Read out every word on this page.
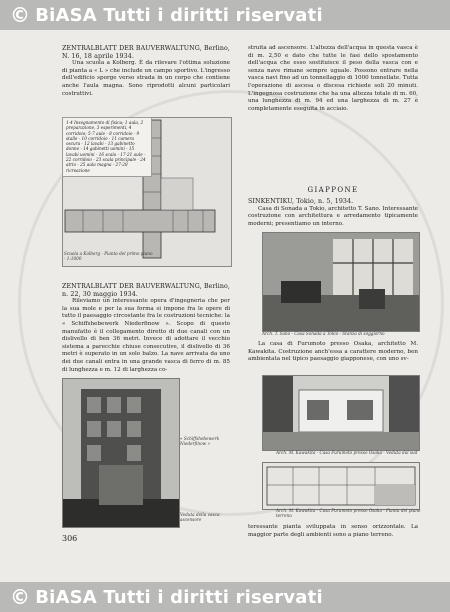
© BiASA Tutti i diritti riservati

ZENTRALBLATT DER BAUVERWALTUNG, Berlino, N. 16, 18 aprile 1934.

Una scuola a Kolberg. È da rilevare l'ottima soluzione di pianta a « L » che include un campo sportivo. L'ingresso dell'edificio sporge verso strada in un corpo che contiene anche l'aula magna. Sono riprodotti alcuni particolari costruttivi.

1-4 Insegnamento di fisica; 1 aula, 2 preparazione, 3 esperimenti, 4 corridoio; 5-7 aule - 8 corridoio - 9 stalle - 10 corridoio - 11 camera oscura - 12 lavabi - 13 gabinetto donne - 14 gabinetti uomini - 15 lavabi uomini - 16 scala - 17-21 aule - 22 corridoio - 23 scala principale - 24 atrio - 25 aula magna - 27-28 ricreazione
Scuola a Kolberg - Pianta del primo piano - 1:1000

ZENTRALBLATT DER BAUVERWALTUNG, Berlino, n. 22, 30 maggio 1934.

Rileviamo un interessante opera d'ingegneria che per la sua mole e per la sua forma si impone fra le opere di tutto il paesaggio circostante fra le costruzioni tecniche: la « Schiffshebewerk Niederfinow ». Scopo di questo manufatto è il collegamento diretto di due canali con un dislivello di ben 36 metri. Invece di adottare il vecchio sistema a parecchie chiuse consecutive, il dislivello di 36 metri è superato in un solo balzo. La nave arrivata da uno dei due canali entra in una grande vasca di ferro di m. 85 di lunghezza e m. 12 di larghezza co-

« Schiffshebewerk Niederfinow »
Veduta della vasca-ascensore
struita ad ascensore. L'altezza dell'acqua in questa vasca è di m. 2,50 e dato che tutte le fasi dello spostamento dell'acqua che esso sostituisce il peso della vasca con e senza nave rimane sempre uguale. Possono entrare nella vasca navi fino ad un tonnellaggio di 1000 tonnellate. Tutta l'operazione di ascesa o discesa richiede soli 20 minuti. L'ingegnosa costruzione che ha una altezza totale di m. 60, una lunghezza di m. 94 ed una larghezza di m. 27 è completamente eseguita in acciaio.
GIAPPONE

SINKENTIKU, Tokio, n. 5, 1934.

Casa di Sonada a Tokio, architetto T. Sano. Interessante costruzione con architettura e arredamento tipicamente moderni; presentiamo un interno.

Arch. T. Sano - Casa Sonada a Tokio - Stanza di soggiorno

La casa di Furumoto presso Osaka, architetto M. Kawakita. Costruzione anch'essa a carattere moderno, ben ambientata nel tipico paesaggio giapponese, con uno sv-

Arch. M. Kawakita - Casa Furumoto presso Osaka - Veduta dal sud
Arch. M. Kawakita - Casa Furumoto presso Osaka - Pianta del piano terreno
teressante pianta sviluppata in senso orizzontale. La maggior parte degli ambienti sono a piano terreno.
306
© BiASA Tutti i diritti riservati
